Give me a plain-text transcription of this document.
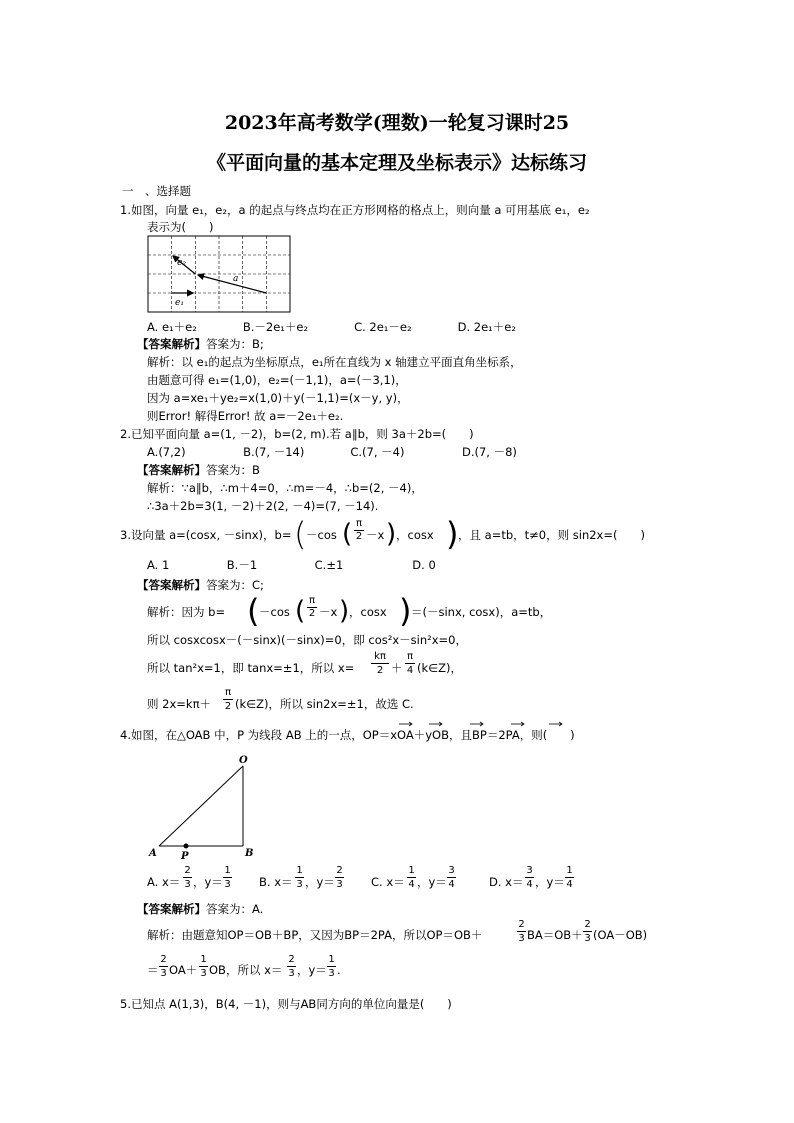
2023年高考数学(理数)一轮复习课时25
《平面向量的基本定理及坐标表示》达标练习
一　、选择题
1.如图，向量 e₁，e₂，a 的起点与终点均在正方形网格的格点上，则向量 a 可用基底 e₁，e₂
表示为(　　)
e₁
e₂
a
A. e₁＋e₂　　　　B.－2e₁＋e₂　　　　C. 2e₁－e₂　　　　D. 2e₁＋e₂
【答案解析】答案为：B;
解析：以 e₁的起点为坐标原点，e₁所在直线为 x 轴建立平面直角坐标系，
由题意可得 e₁=(1,0)，e₂=(－1,1)，a=(－3,1)，
因为 a=xe₁＋ye₂=x(1,0)＋y(－1,1)=(x－y, y)，
则Error! 解得Error! 故 a=－2e₁＋e₂.
2.已知平面向量 a=(1, －2)，b=(2, m).若 a∥b，则 3a＋2b=(　　)
A.(7,2)　　　　　B.(7, －14)　　　　C.(7, －4)　　　　　D.(7, －8)
【答案解析】答案为：B
解析：∵a∥b，∴m＋4=0，∴m=－4，∴b=(2, －4)，
∴3a＋2b=3(1, －2)＋2(2, －4)=(7, －14).
3.设向量 a=(cosx, －sinx)，b= ( －cos ( $\frac{\pi}{2} -x$ ) ，cosx ) ，且 a=tb，t≠0，则 sin2x=(　　)
A. 1　　　　　B.－1　　　　　C.±1　　　　　　D. 0
【答案解析】答案为：C;
解析：因为 b= ( －cos ( $\frac{\pi}{2} -x$ ) ，cosx ) ＝(－sinx, cosx)，a=tb，
所以 cosxcosx－(－sinx)(－sinx)=0，即 cos²x－sin²x=0，
所以 tan²x=1，即 tanx=±1，所以 $x= \frac{k\pi}{2} + \frac{\pi}{4}$ (k∈Z)，
则 $2x=k\pi+ \frac{\pi}{2}$ (k∈Z)，所以 sin2x=±1，故选 C.
4.如图，在△OAB 中，P 为线段 AB 上的一点，OP＝xOA＋yOB，且BP＝2PA，则(　　)
O
A P	B
A. $x= \frac{2}{3}$ ，$y= \frac{1}{3} B$. $x= \frac{1}{3}$ ，$y= \frac{2}{3} C$. $x= \frac{1}{4}$ ，$y= \frac{3}{4}$	D. $x= \frac{3}{4}$ ，$y= \frac{1}{4}$
【答案解析】答案为：A.
解析：由题意知OP＝OB＋BP，又因为BP＝2PA，所以OP＝OB＋	$\frac{2}{3} BA=OB+ \frac{2}{3} (OA-OB)$
＝ $\frac{2}{3} OA+ \frac{1}{3}$ OB，所以 $x= \frac{2}{3}$ ，$y= \frac{1}{3}$ .
5.已知点 A(1,3)，B(4, －1)，则与AB同方向的单位向量是(　　)
